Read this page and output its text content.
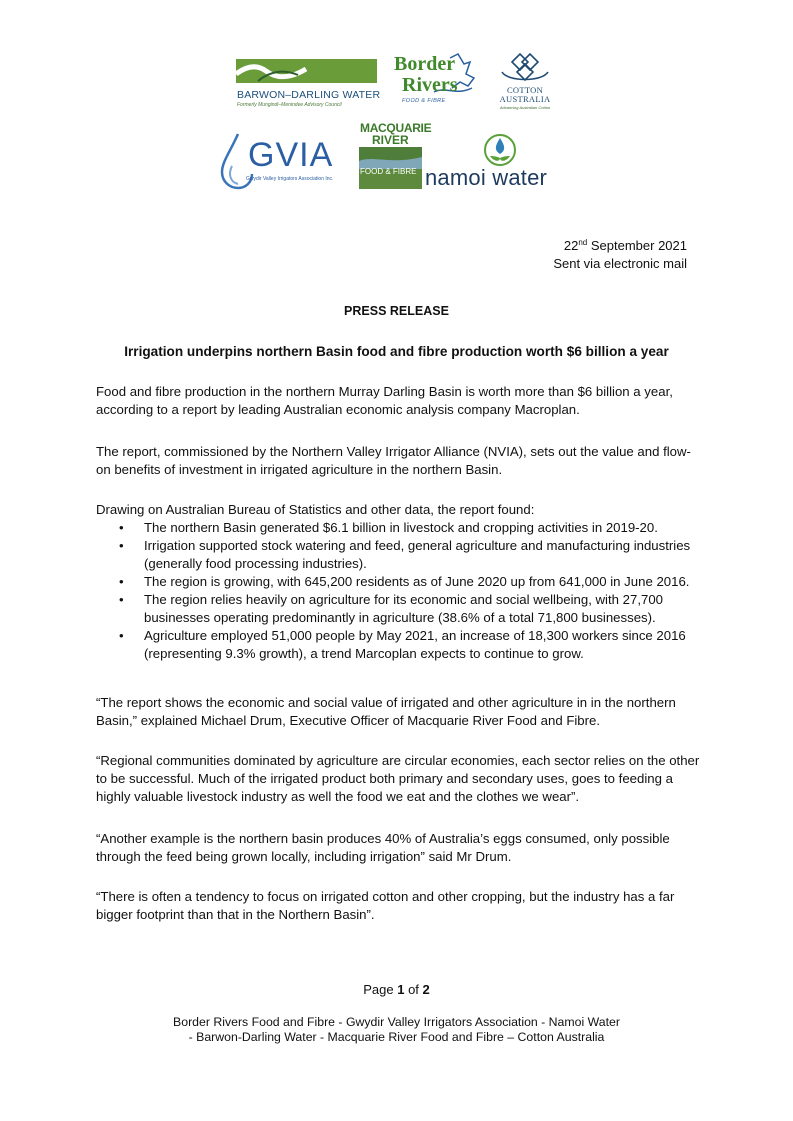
BARWON–DARLING WATER
Formerly Mungindi–Menindee Advisory Council
Border
Rivers
FOOD & FIBRE
COTTON
AUSTRALIA
Advancing Australian Cotton
GVIA
Gwydir Valley Irrigators Association Inc.
MACQUARIE
RIVER
FOOD & FIBRE namoi water
22nd September 2021
Sent via electronic mail
PRESS RELEASE
Irrigation underpins northern Basin food and fibre production worth $6 billion a year
Food and fibre production in the northern Murray Darling Basin is worth more than $6 billion a year, according to a report by leading Australian economic analysis company Macroplan.
The report, commissioned by the Northern Valley Irrigator Alliance (NVIA), sets out the value and flow-on benefits of investment in irrigated agriculture in the northern Basin.
Drawing on Australian Bureau of Statistics and other data, the report found:
• The northern Basin generated $6.1 billion in livestock and cropping activities in 2019-20.
• Irrigation supported stock watering and feed, general agriculture and manufacturing industries (generally food processing industries).
• The region is growing, with 645,200 residents as of June 2020 up from 641,000 in June 2016.
• The region relies heavily on agriculture for its economic and social wellbeing, with 27,700 businesses operating predominantly in agriculture (38.6% of a total 71,800 businesses).
• Agriculture employed 51,000 people by May 2021, an increase of 18,300 workers since 2016 (representing 9.3% growth), a trend Marcoplan expects to continue to grow.
“The report shows the economic and social value of irrigated and other agriculture in in the northern Basin,” explained Michael Drum, Executive Officer of Macquarie River Food and Fibre.
“Regional communities dominated by agriculture are circular economies, each sector relies on the other to be successful. Much of the irrigated product both primary and secondary uses, goes to feeding a highly valuable livestock industry as well the food we eat and the clothes we wear”.
“Another example is the northern basin produces 40% of Australia’s eggs consumed, only possible through the feed being grown locally, including irrigation” said Mr Drum.
“There is often a tendency to focus on irrigated cotton and other cropping, but the industry has a far bigger footprint than that in the Northern Basin”.
Page 1 of 2
Border Rivers Food and Fibre - Gwydir Valley Irrigators Association - Namoi Water
- Barwon-Darling Water - Macquarie River Food and Fibre – Cotton Australia
